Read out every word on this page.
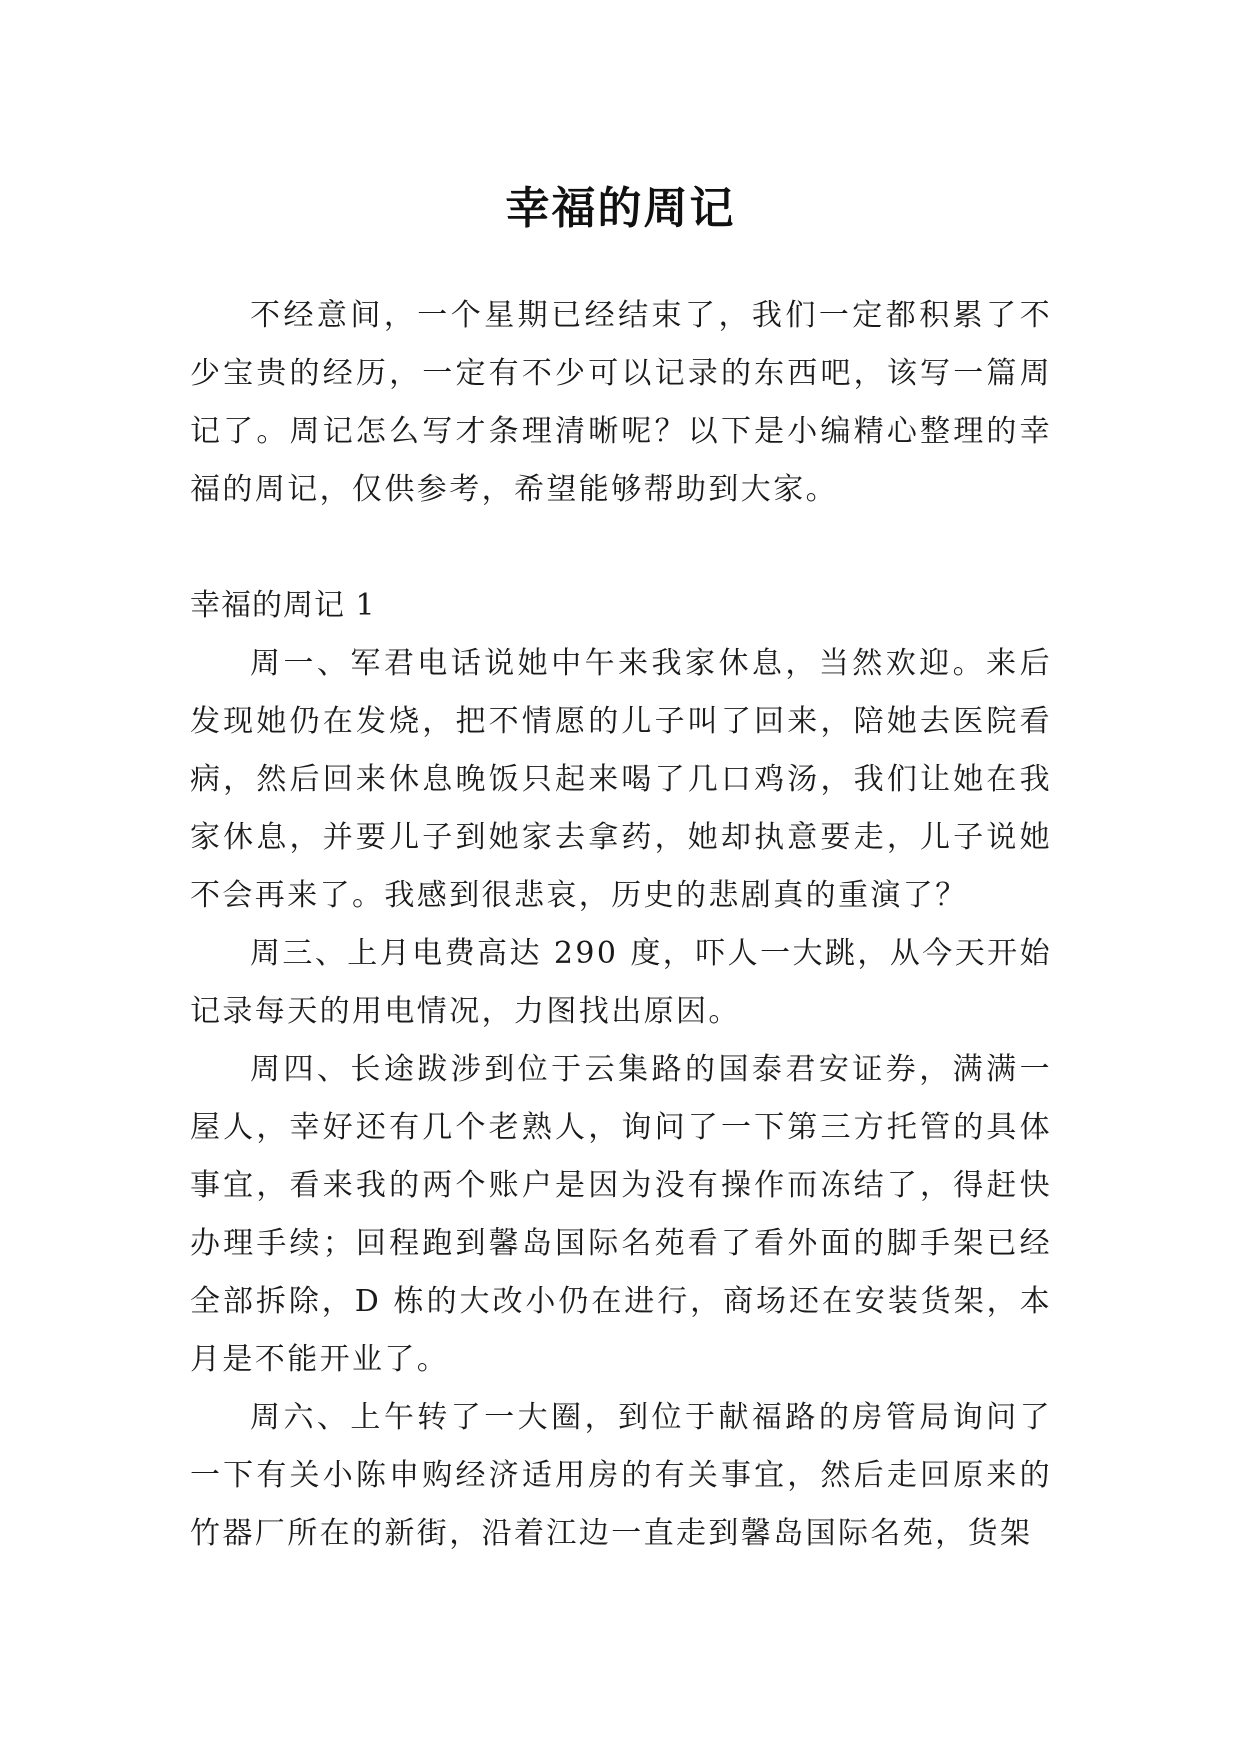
幸福的周记

不经意间，一个星期已经结束了，我们一定都积累了不少宝贵的经历，一定有不少可以记录的东西吧，该写一篇周记了。周记怎么写才条理清晰呢？以下是小编精心整理的幸福的周记，仅供参考，希望能够帮助到大家。

幸福的周记 1

周一、军君电话说她中午来我家休息，当然欢迎。来后发现她仍在发烧，把不情愿的儿子叫了回来，陪她去医院看病，然后回来休息晚饭只起来喝了几口鸡汤，我们让她在我家休息，并要儿子到她家去拿药，她却执意要走，儿子说她不会再来了。我感到很悲哀，历史的悲剧真的重演了？

周三、上月电费高达 290 度，吓人一大跳，从今天开始记录每天的用电情况，力图找出原因。

周四、长途跋涉到位于云集路的国泰君安证券，满满一屋人，幸好还有几个老熟人，询问了一下第三方托管的具体事宜，看来我的两个账户是因为没有操作而冻结了，得赶快办理手续；回程跑到馨岛国际名苑看了看外面的脚手架已经全部拆除，D 栋的大改小仍在进行，商场还在安装货架，本月是不能开业了。

周六、上午转了一大圈，到位于献福路的房管局询问了一下有关小陈申购经济适用房的有关事宜，然后走回原来的竹器厂所在的新街，沿着江边一直走到馨岛国际名苑，货架
